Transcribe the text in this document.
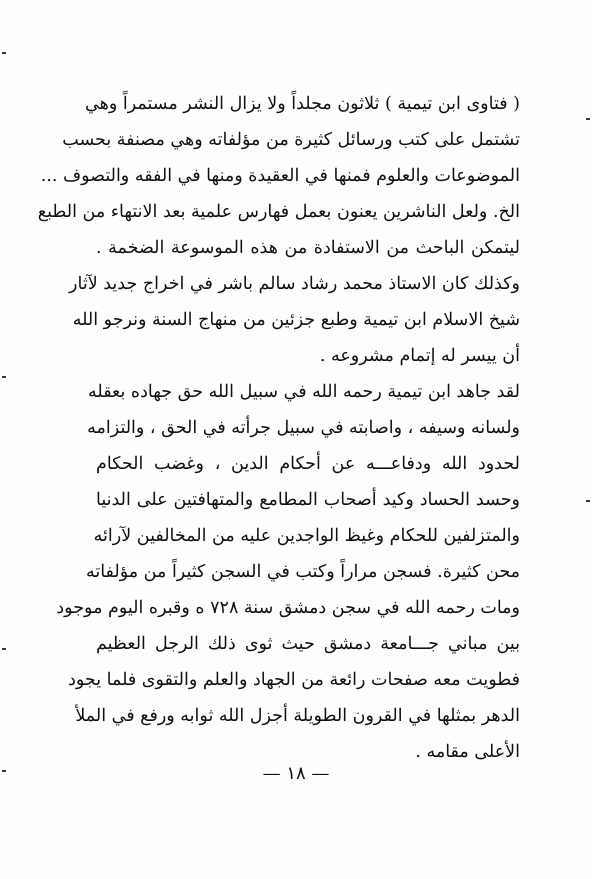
( فتاوى ابن تيمية ) ثلاثون مجلداً ولا يزال النشر مستمراً وهي
تشتمل على كتب ورسائل كثيرة من مؤلفاته وهي مصنفة بحسب
الموضوعات والعلوم فمنها في العقيدة ومنها في الفقه والتصوف ...
الخ. ولعل الناشرين يعنون بعمل فهارس علمية بعد الانتهاء من الطبع
ليتمكن الباحث من الاستفادة من هذه الموسوعة الضخمة .
وكذلك كان الاستاذ محمد رشاد سالم باشر في اخراج جديد لآثار
شيخ الاسلام ابن تيمية وطبع جزئين من منهاج السنة ونرجو الله
أن ييسر له إتمام مشروعه .
لقد جاهد ابن تيمية رحمه الله في سبيل الله حق جهاده بعقله
ولسانه وسيفه ، واصابته في سبيل جرأته في الحق ، والتزامه
لحدود الله ودفاعـــه عن أحكام الدين ، وغضب الحكام
وحسد الحساد وكيد أصحاب المطامع والمتهافتين على الدنيا
والمتزلفين للحكام وغيظ الواجدين عليه من المخالفين لآرائه
محن كثيرة. فسجن مراراً وكتب في السجن كثيراً من مؤلفاته
ومات رحمه الله في سجن دمشق سنة ٧٢٨ ه وقبره اليوم موجود
بين مباني جـــامعة دمشق حيث ثوى ذلك الرجل العظيم
فطويت معه صفحات رائعة من الجهاد والعلم والتقوى فلما يجود
الدهر بمثلها في القرون الطويلة أجزل الله ثوابه ورفع في الملأ
الأعلى مقامه .
— ١٨ —
